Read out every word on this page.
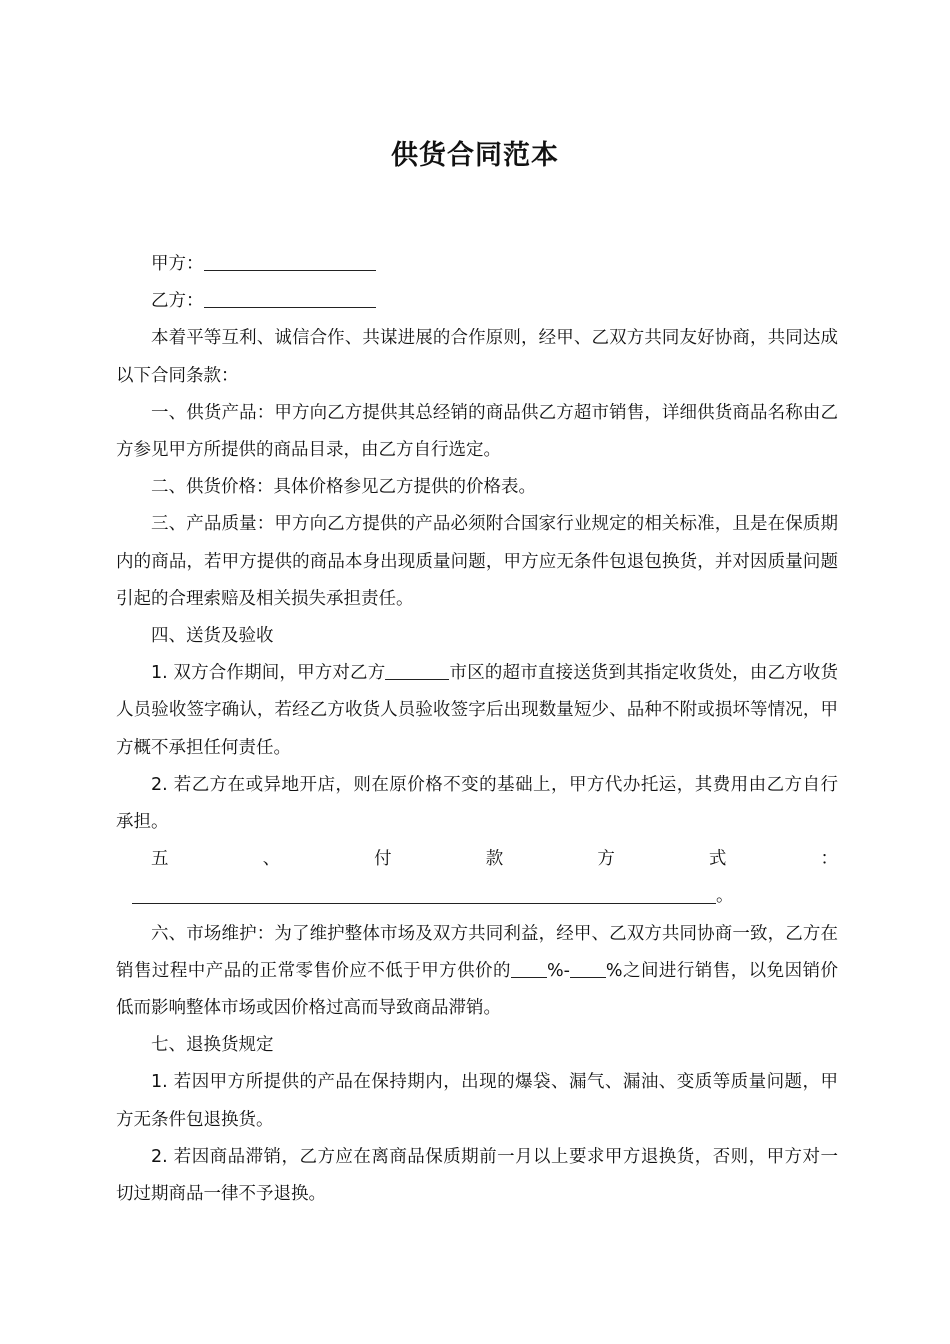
供货合同范本

甲方：

乙方：

本着平等互利、诚信合作、共谋进展的合作原则，经甲、乙双方共同友好协商，共同达成以下合同条款：

一、供货产品：甲方向乙方提供其总经销的商品供乙方超市销售，详细供货商品名称由乙方参见甲方所提供的商品目录，由乙方自行选定。

二、供货价格：具体价格参见乙方提供的价格表。

三、产品质量：甲方向乙方提供的产品必须附合国家行业规定的相关标准，且是在保质期内的商品，若甲方提供的商品本身出现质量问题，甲方应无条件包退包换货，并对因质量问题引起的合理索赔及相关损失承担责任。

四、送货及验收

1. 双方合作期间，甲方对乙方	市区的超市直接送货到其指定收货处，由乙方收货人员验收签字确认，若经乙方收货人员验收签字后出现数量短少、品种不附或损坏等情况，甲方概不承担任何责任。

2. 若乙方在或异地开店，则在原价格不变的基础上，甲方代办托运，其费用由乙方自行承担。

五、付款方式：。

六、市场维护：为了维护整体市场及双方共同利益，经甲、乙双方共同协商一致，乙方在销售过程中产品的正常零售价应不低于甲方供价的 %- %之间进行销售，以免因销价低而影响整体市场或因价格过高而导致商品滞销。

七、退换货规定

1. 若因甲方所提供的产品在保持期内，出现的爆袋、漏气、漏油、变质等质量问题，甲方无条件包退换货。

2. 若因商品滞销，乙方应在离商品保质期前一月以上要求甲方退换货，否则，甲方对一切过期商品一律不予退换。
